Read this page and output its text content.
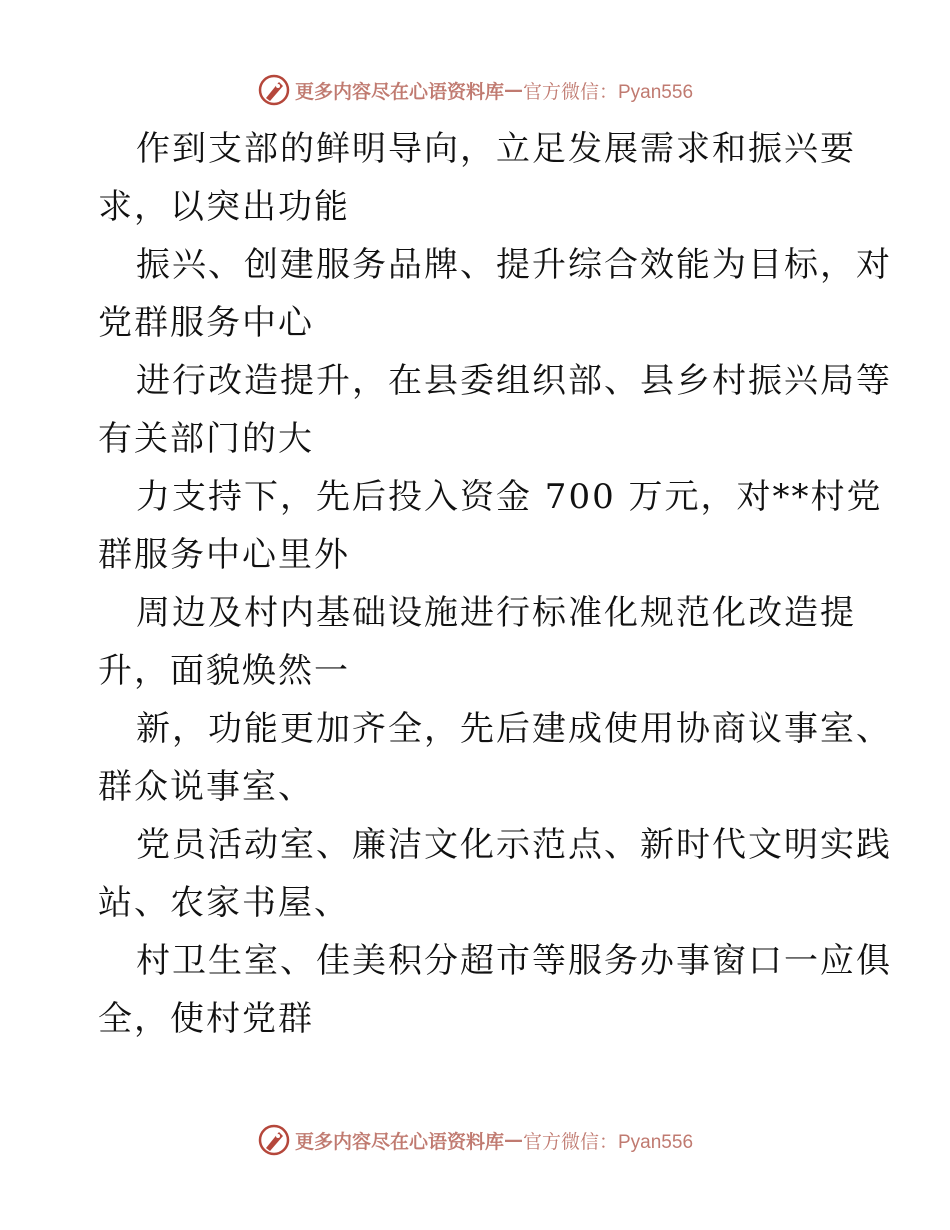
更多内容尽在心语资料库 — 官方微信：Pyan556
作到支部的鲜明导向，立足发展需求和振兴要
求，以突出功能
振兴、创建服务品牌、提升综合效能为目标，对
党群服务中心
进行改造提升，在县委组织部、县乡村振兴局等
有关部门的大
力支持下，先后投入资金 700 万元，对**村党
群服务中心里外
周边及村内基础设施进行标准化规范化改造提
升，面貌焕然一
新，功能更加齐全，先后建成使用协商议事室、
群众说事室、
党员活动室、廉洁文化示范点、新时代文明实践
站、农家书屋、
村卫生室、佳美积分超市等服务办事窗口一应俱
全，使村党群
更多内容尽在心语资料库 — 官方微信：Pyan556
